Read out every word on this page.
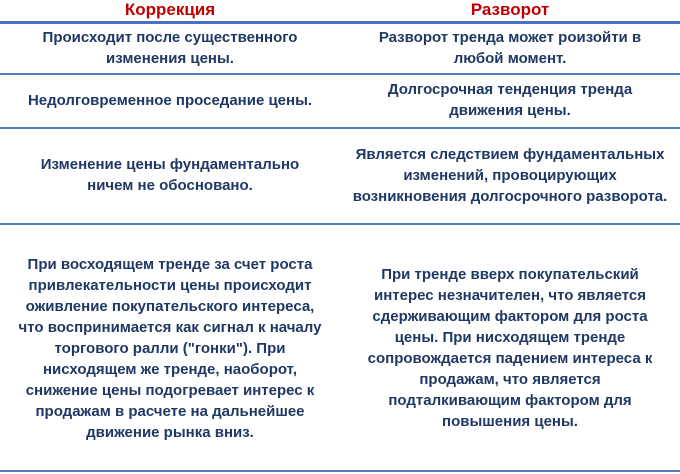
Коррекция	Разворот
Происходит после существенного
изменения цены.
Разворот тренда может роизойти в
любой момент.
Недолговременное проседание цены.
Долгосрочная тенденция тренда
движения цены.
Изменение цены фундаментально
ничем не обосновано.
Является следствием фундаментальных
изменений, провоцирующих
возникновения долгосрочного разворота.
При восходящем тренде за счет роста
привлекательности цены происходит
оживление покупательского интереса,
что воспринимается как сигнал к началу
торгового ралли ("гонки"). При
нисходящем же тренде, наоборот,
снижение цены подогревает интерес к
продажам в расчете на дальнейшее
движение рынка вниз.
При тренде вверх покупательский
интерес незначителен, что является
сдерживающим фактором для роста
цены. При нисходящем тренде
сопровождается падением интереса к
продажам, что является
подталкивающим фактором для
повышения цены.
